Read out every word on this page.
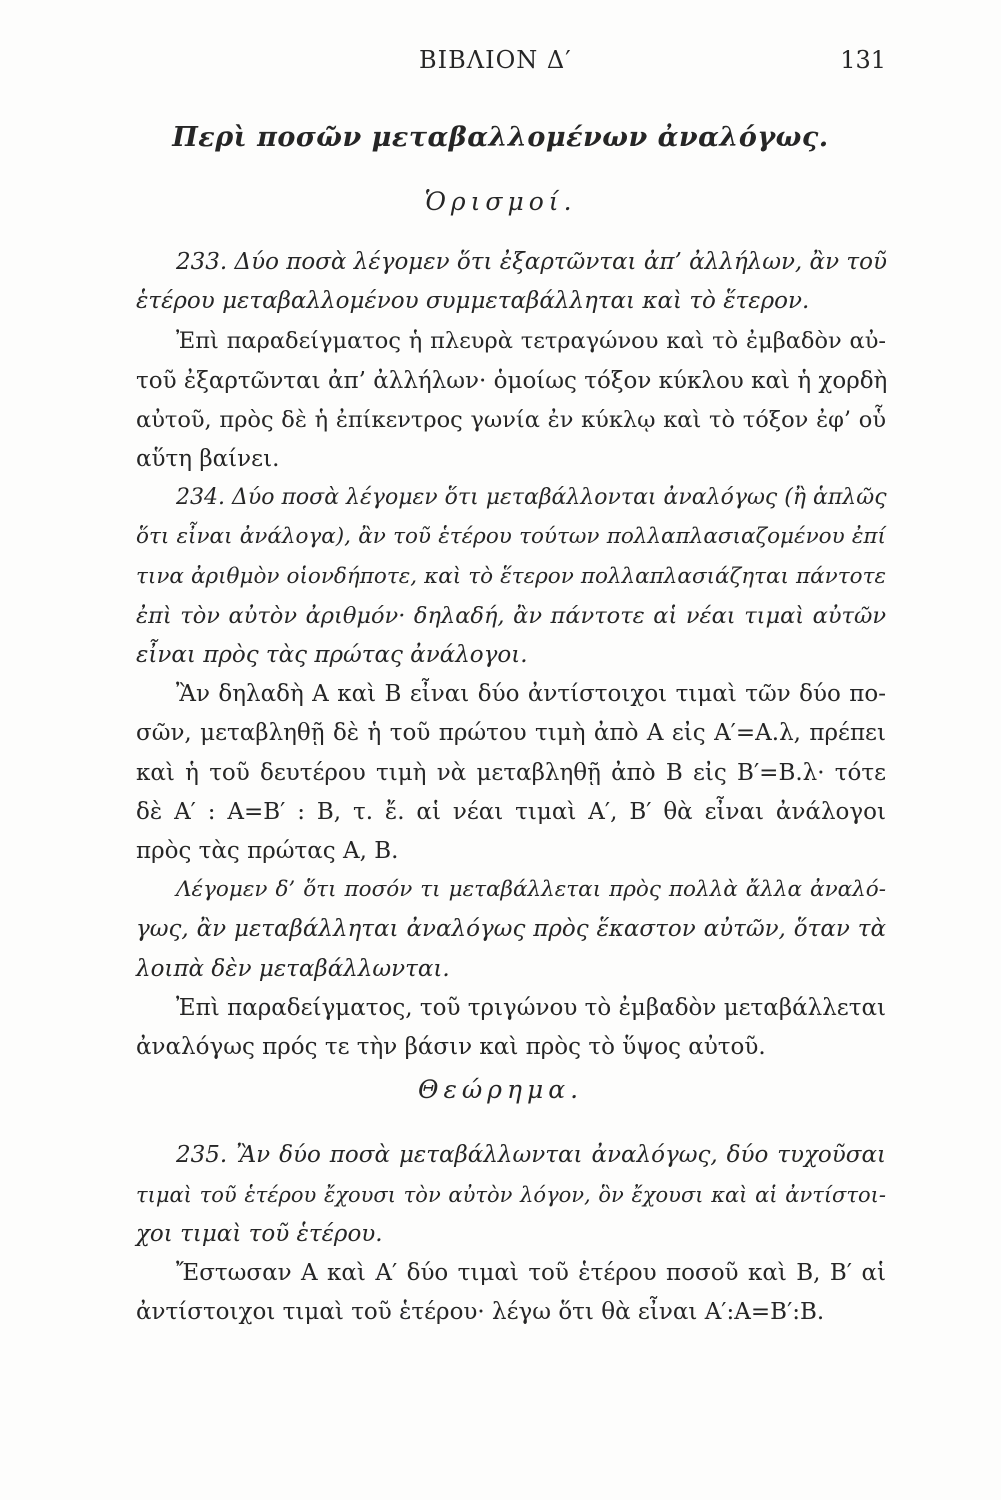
ΒΙΒΛΙΟΝ Δ′	131
Περὶ ποσῶν μεταβαλλομένων ἀναλόγως.
Ὁρισμοί.
233. Δύο ποσὰ λέγομεν ὅτι ἐξαρτῶνται ἀπ’ ἀλλήλων, ἂν τοῦ
ἑτέρου μεταβαλλομένου συμμεταβάλληται καὶ τὸ ἕτερον.
Ἐπὶ παραδείγματος ἡ πλευρὰ τετραγώνου καὶ τὸ ἐμβαδὸν αὐ-
τοῦ ἐξαρτῶνται ἀπ’ ἀλλήλων· ὁμοίως τόξον κύκλου καὶ ἡ χορδὴ
αὐτοῦ, πρὸς δὲ ἡ ἐπίκεντρος γωνία ἐν κύκλῳ καὶ τὸ τόξον ἐφ’ οὗ
αὕτη βαίνει.
234. Δύο ποσὰ λέγομεν ὅτι μεταβάλλονται ἀναλόγως (ἢ ἁπλῶς
ὅτι εἶναι ἀνάλογα), ἂν τοῦ ἑτέρου τούτων πολλαπλασιαζομένου ἐπί
τινα ἀριθμὸν οἱονδήποτε, καὶ τὸ ἕτερον πολλαπλασιάζηται πάντοτε
ἐπὶ τὸν αὐτὸν ἀριθμόν· δηλαδή, ἂν πάντοτε αἱ νέαι τιμαὶ αὐτῶν
εἶναι πρὸς τὰς πρώτας ἀνάλογοι.
Ἂν δηλαδὴ Α καὶ Β εἶναι δύο ἀντίστοιχοι τιμαὶ τῶν δύο πο-
σῶν, μεταβληθῇ δὲ ἡ τοῦ πρώτου τιμὴ ἀπὸ Α εἰς Α′=Α.λ, πρέπει
καὶ ἡ τοῦ δευτέρου τιμὴ νὰ μεταβληθῇ ἀπὸ Β εἰς Β′=Β.λ· τότε
δὲ Α′ : Α=Β′ : Β, τ. ἔ. αἱ νέαι τιμαὶ Α′, Β′ θὰ εἶναι ἀνάλογοι
πρὸς τὰς πρώτας Α, Β.
Λέγομεν δ’ ὅτι ποσόν τι μεταβάλλεται πρὸς πολλὰ ἄλλα ἀναλό-
γως, ἂν μεταβάλληται ἀναλόγως πρὸς ἕκαστον αὐτῶν, ὅταν τὰ
λοιπὰ δὲν μεταβάλλωνται.
Ἐπὶ παραδείγματος, τοῦ τριγώνου τὸ ἐμβαδὸν μεταβάλλεται
ἀναλόγως πρός τε τὴν βάσιν καὶ πρὸς τὸ ὕψος αὐτοῦ.
Θεώρημα.
235. Ἂν δύο ποσὰ μεταβάλλωνται ἀναλόγως, δύο τυχοῦσαι
τιμαὶ τοῦ ἑτέρου ἔχουσι τὸν αὐτὸν λόγον, ὃν ἔχουσι καὶ αἱ ἀντίστοι-
χοι τιμαὶ τοῦ ἑτέρου.
Ἔστωσαν Α καὶ Α′ δύο τιμαὶ τοῦ ἑτέρου ποσοῦ καὶ Β, Β′ αἱ
ἀντίστοιχοι τιμαὶ τοῦ ἑτέρου· λέγω ὅτι θὰ εἶναι Α′:Α=Β′:Β.
